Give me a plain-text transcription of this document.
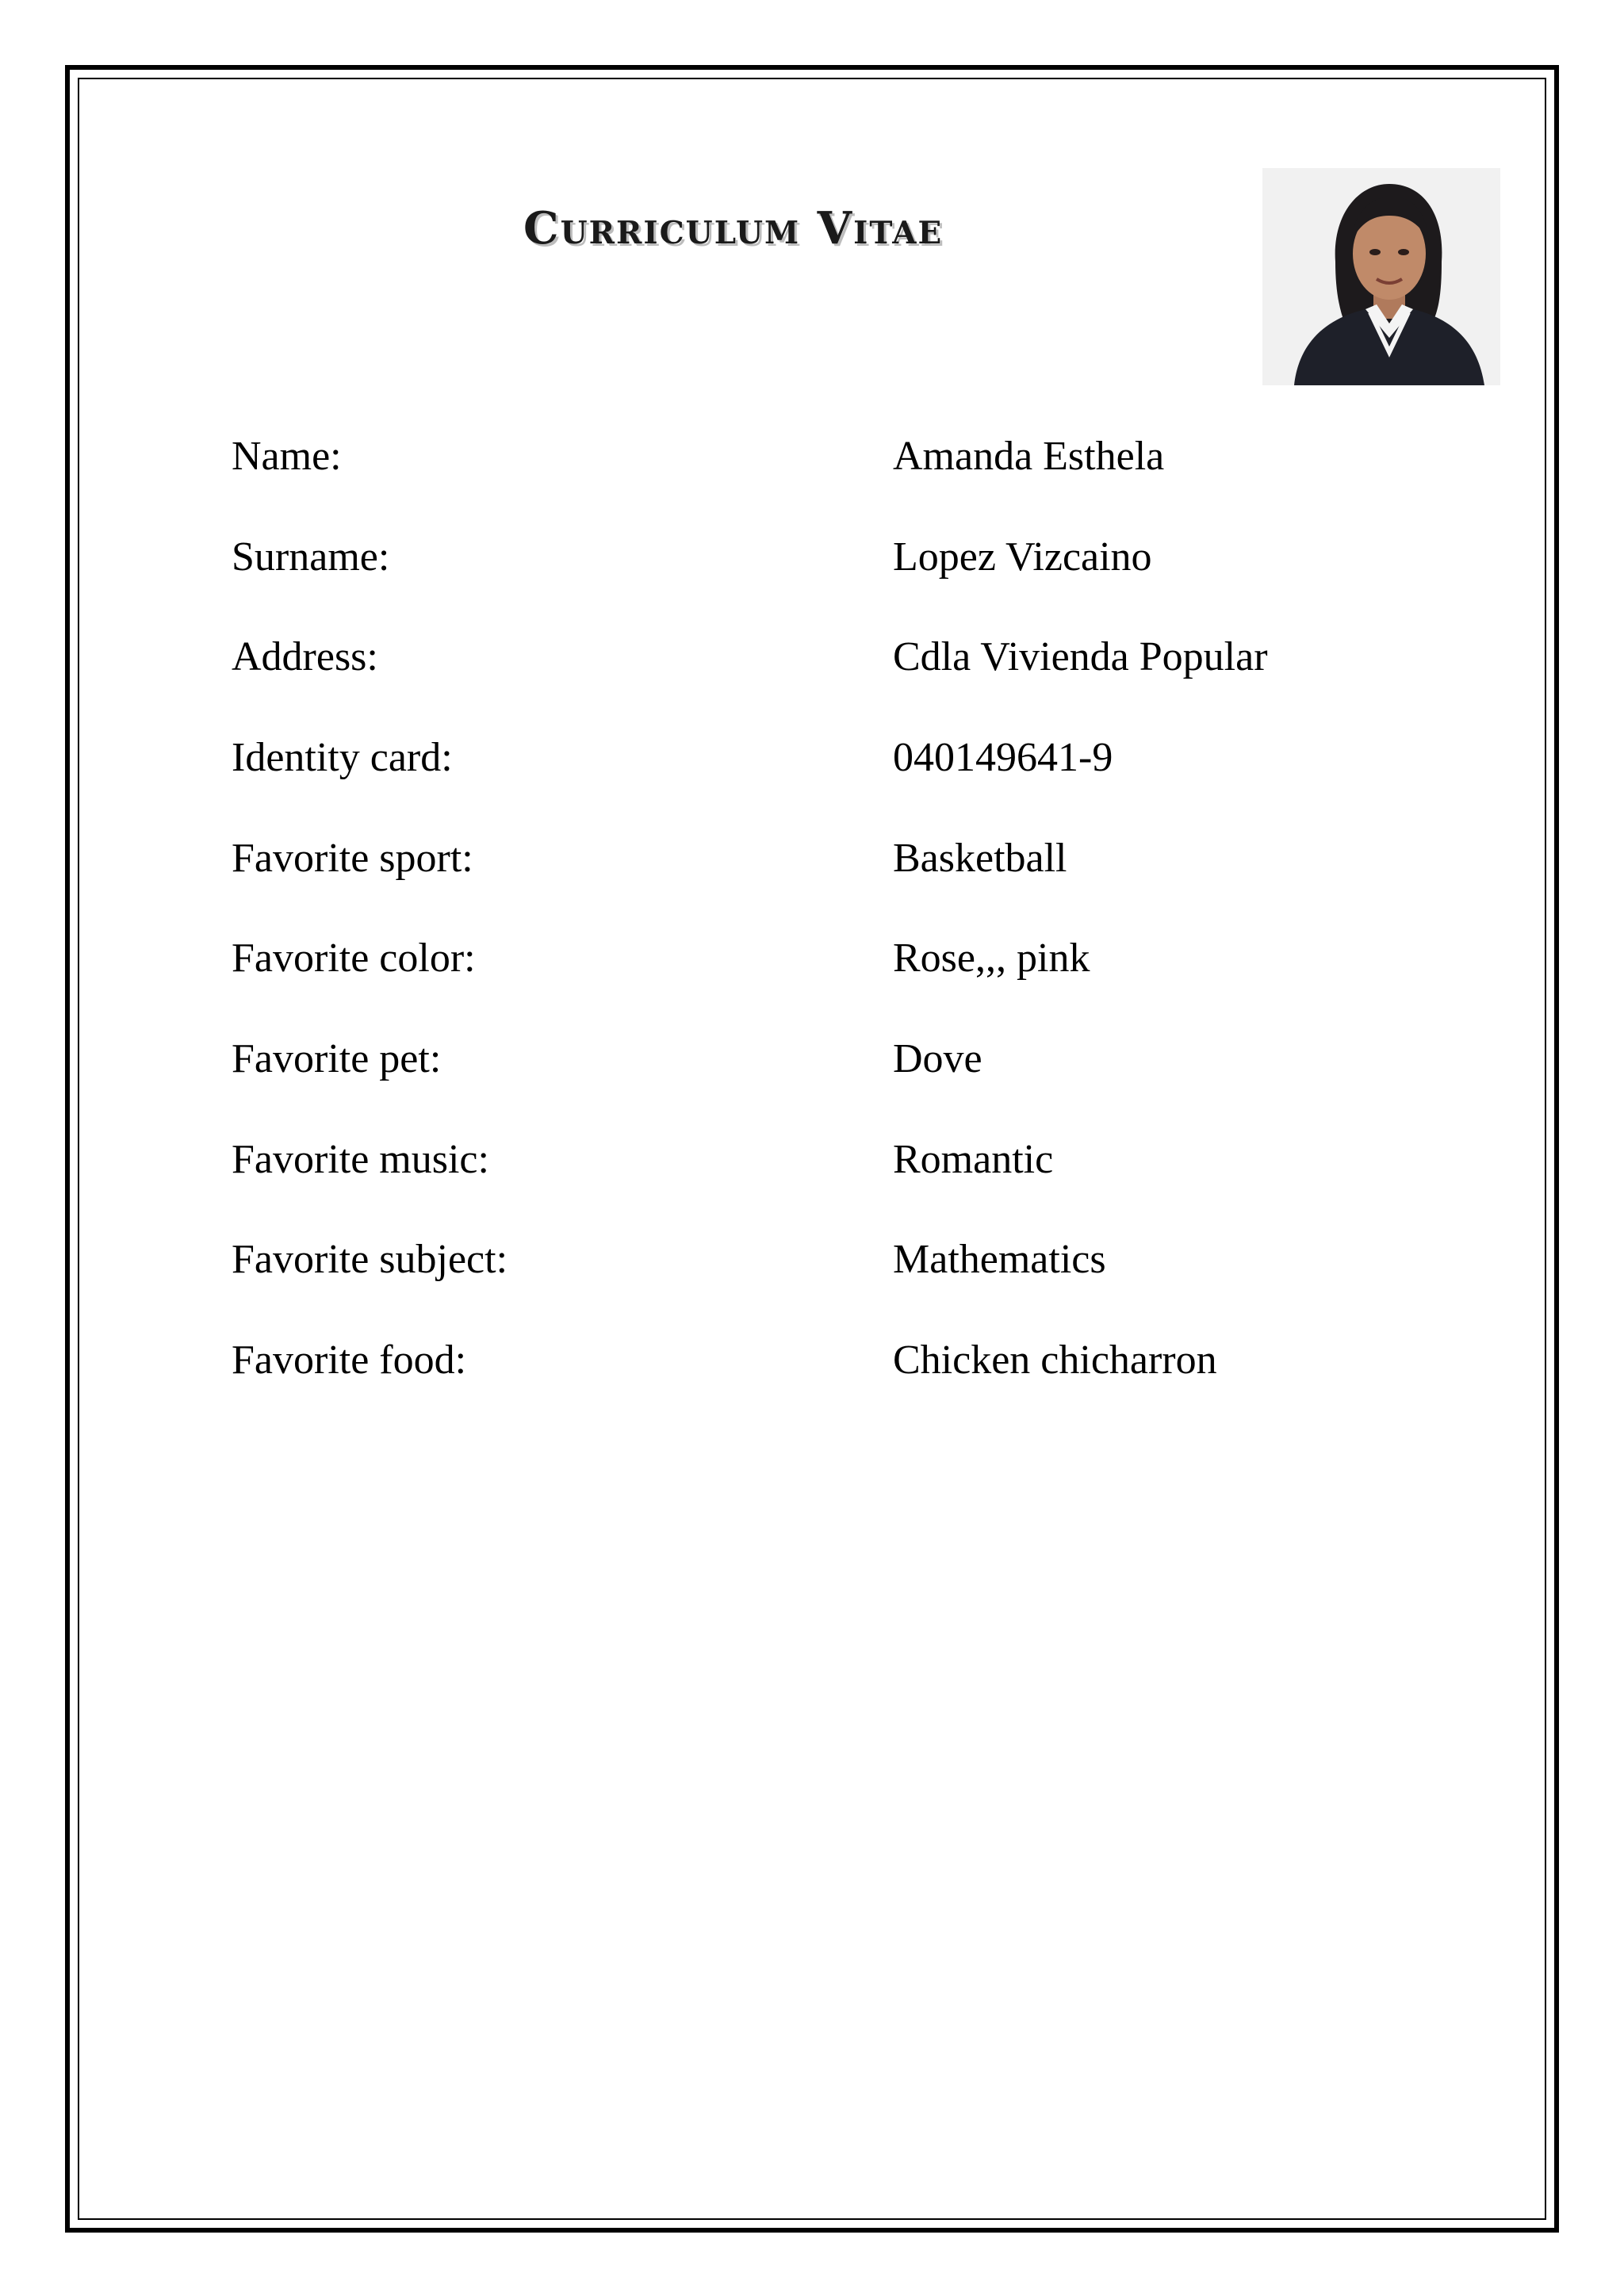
Curriculum Vitae
Name:	Amanda Esthela
Surname:	Lopez Vizcaino
Address:	Cdla Vivienda Popular
Identity card:	040149641-9
Favorite sport:	Basketball
Favorite color:	Rose,,, pink
Favorite pet:	Dove
Favorite music:	Romantic
Favorite subject:	Mathematics
Favorite food:	Chicken chicharron
